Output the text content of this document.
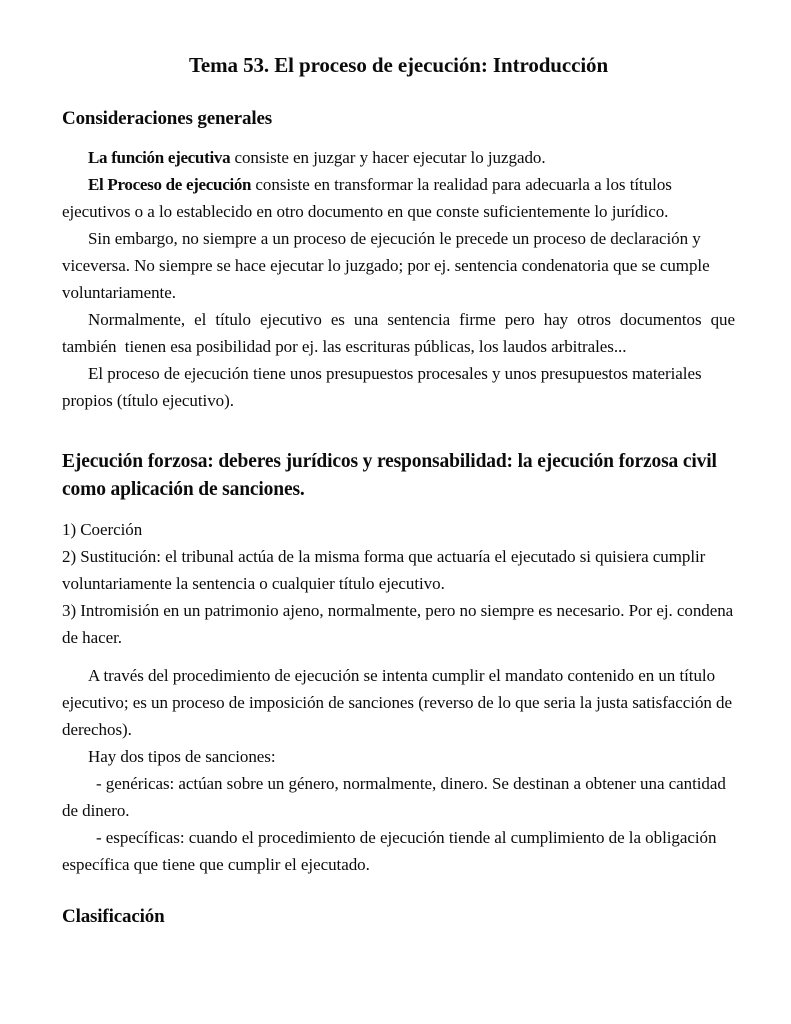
Tema 53. El proceso de ejecución: Introducción
Consideraciones generales

La función ejecutiva consiste en juzgar y hacer ejecutar lo juzgado.

El Proceso de ejecución consiste en transformar la realidad para adecuarla a los títulos ejecutivos o a lo establecido en otro documento en que conste suficientemente lo jurídico.

Sin embargo, no siempre a un proceso de ejecución le precede un proceso de declaración y viceversa. No siempre se hace ejecutar lo juzgado; por ej. sentencia condenatoria que se cumple voluntariamente.

Normalmente, el título ejecutivo es una sentencia firme pero hay otros documentos que también  tienen esa posibilidad por ej. las escrituras públicas, los laudos arbitrales...

El proceso de ejecución tiene unos presupuestos procesales y unos presupuestos materiales propios (título ejecutivo).

Ejecución forzosa: deberes jurídicos y responsabilidad: la ejecución forzosa civil como aplicación de sanciones.

1) Coerción

2) Sustitución: el tribunal actúa de la misma forma que actuaría el ejecutado si quisiera cumplir voluntariamente la sentencia o cualquier título ejecutivo.

3) Intromisión en un patrimonio ajeno, normalmente, pero no siempre es necesario. Por ej. condena de hacer.

A través del procedimiento de ejecución se intenta cumplir el mandato contenido en un título ejecutivo; es un proceso de imposición de sanciones (reverso de lo que seria la justa satisfacción de derechos).

Hay dos tipos de sanciones:

- genéricas: actúan sobre un género, normalmente, dinero. Se destinan a obtener una cantidad de dinero.

- específicas: cuando el procedimiento de ejecución tiende al cumplimiento de la obligación específica que tiene que cumplir el ejecutado.

Clasificación
